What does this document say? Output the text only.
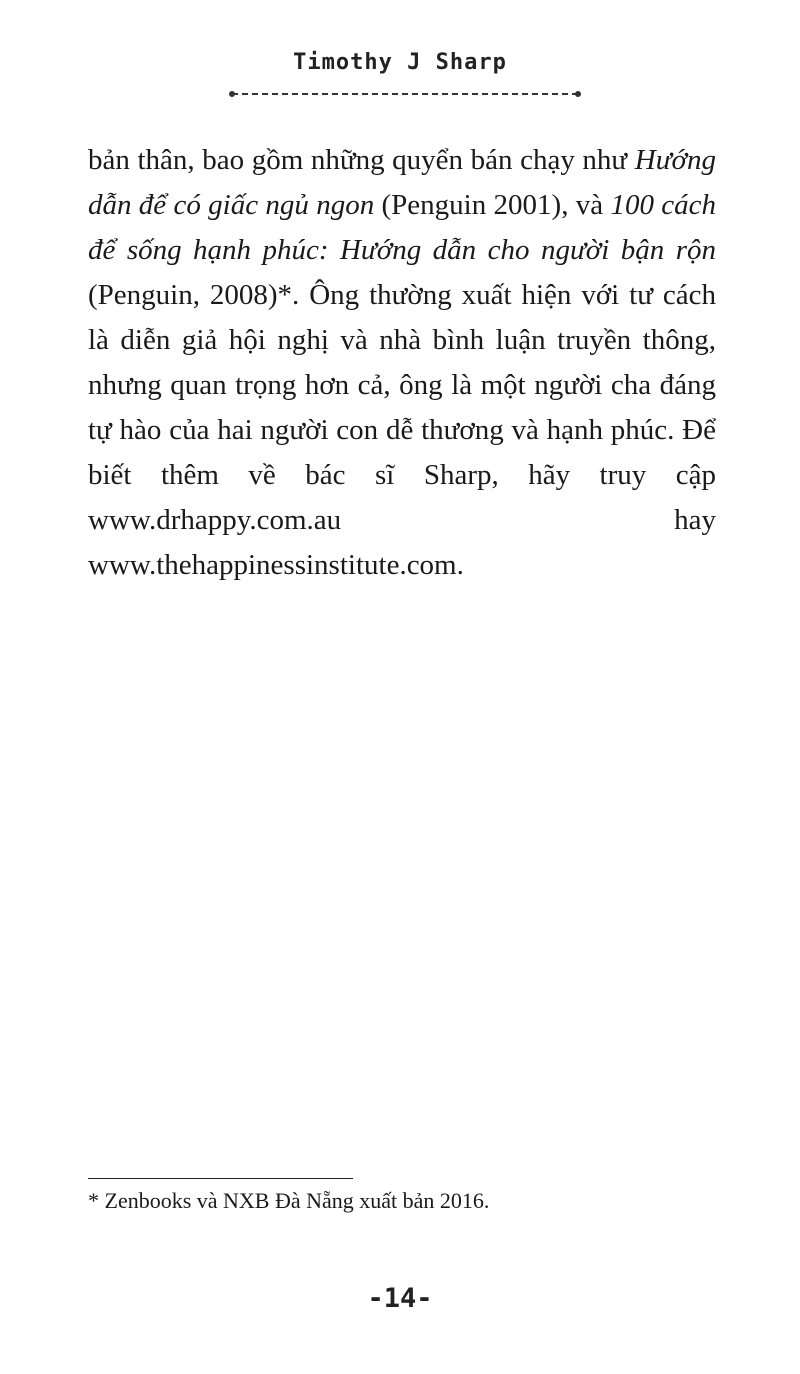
Timothy J Sharp

bản thân, bao gồm những quyển bán chạy như Hướng dẫn để có giấc ngủ ngon (Penguin 2001), và 100 cách để sống hạnh phúc: Hướng dẫn cho người bận rộn (Penguin, 2008)*. Ông thường xuất hiện với tư cách là diễn giả hội nghị và nhà bình luận truyền thông, nhưng quan trọng hơn cả, ông là một người cha đáng tự hào của hai người con dễ thương và hạnh phúc. Để biết thêm về bác sĩ Sharp, hãy truy cập www.drhappy.com.au hay www.thehappinessinstitute.com.

* Zenbooks và NXB Đà Nẵng xuất bản 2016.
-14-
